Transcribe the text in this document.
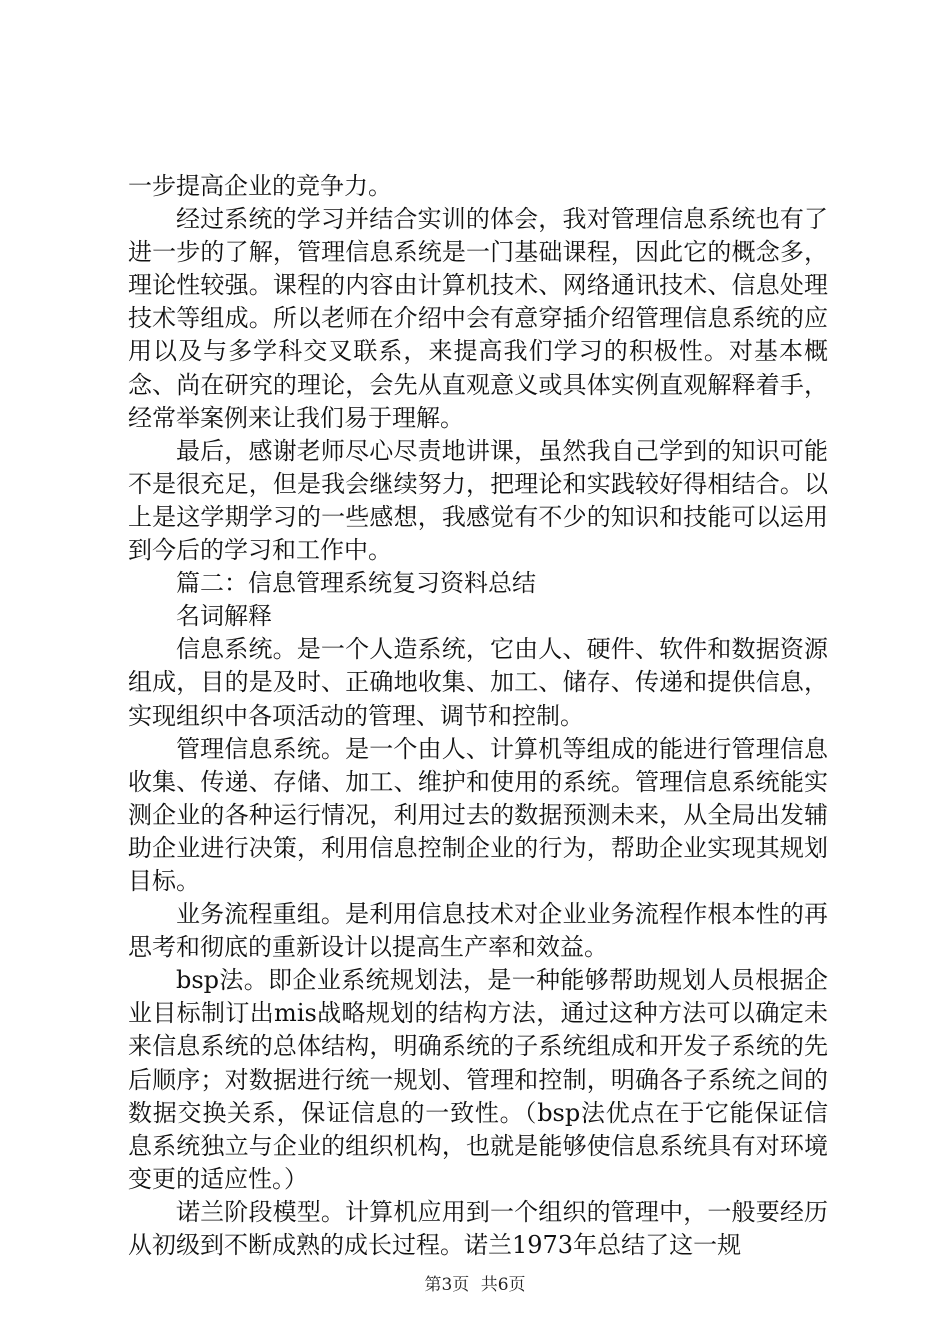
一步提高企业的竞争力。

经过系统的学习并结合实训的体会，我对管理信息系统也有了进一步的了解，管理信息系统是一门基础课程，因此它的概念多，理论性较强。课程的内容由计算机技术、网络通讯技术、信息处理技术等组成。所以老师在介绍中会有意穿插介绍管理信息系统的应用以及与多学科交叉联系，来提高我们学习的积极性。对基本概念、尚在研究的理论，会先从直观意义或具体实例直观解释着手，经常举案例来让我们易于理解。

最后，感谢老师尽心尽责地讲课，虽然我自己学到的知识可能不是很充足，但是我会继续努力，把理论和实践较好得相结合。以上是这学期学习的一些感想，我感觉有不少的知识和技能可以运用到今后的学习和工作中。

篇二：信息管理系统复习资料总结

名词解释

信息系统。是一个人造系统，它由人、硬件、软件和数据资源组成，目的是及时、正确地收集、加工、储存、传递和提供信息，实现组织中各项活动的管理、调节和控制。

管理信息系统。是一个由人、计算机等组成的能进行管理信息收集、传递、存储、加工、维护和使用的系统。管理信息系统能实测企业的各种运行情况，利用过去的数据预测未来，从全局出发辅助企业进行决策，利用信息控制企业的行为，帮助企业实现其规划目标。

业务流程重组。是利用信息技术对企业业务流程作根本性的再思考和彻底的重新设计以提高生产率和效益。

bsp法。即企业系统规划法，是一种能够帮助规划人员根据企业目标制订出mis战略规划的结构方法，通过这种方法可以确定未来信息系统的总体结构，明确系统的子系统组成和开发子系统的先后顺序；对数据进行统一规划、管理和控制，明确各子系统之间的数据交换关系，保证信息的一致性。（bsp法优点在于它能保证信息系统独立与企业的组织机构，也就是能够使信息系统具有对环境变更的适应性。）

诺兰阶段模型。计算机应用到一个组织的管理中，一般要经历从初级到不断成熟的成长过程。诺兰1973年总结了这一规

第3页 共6页
